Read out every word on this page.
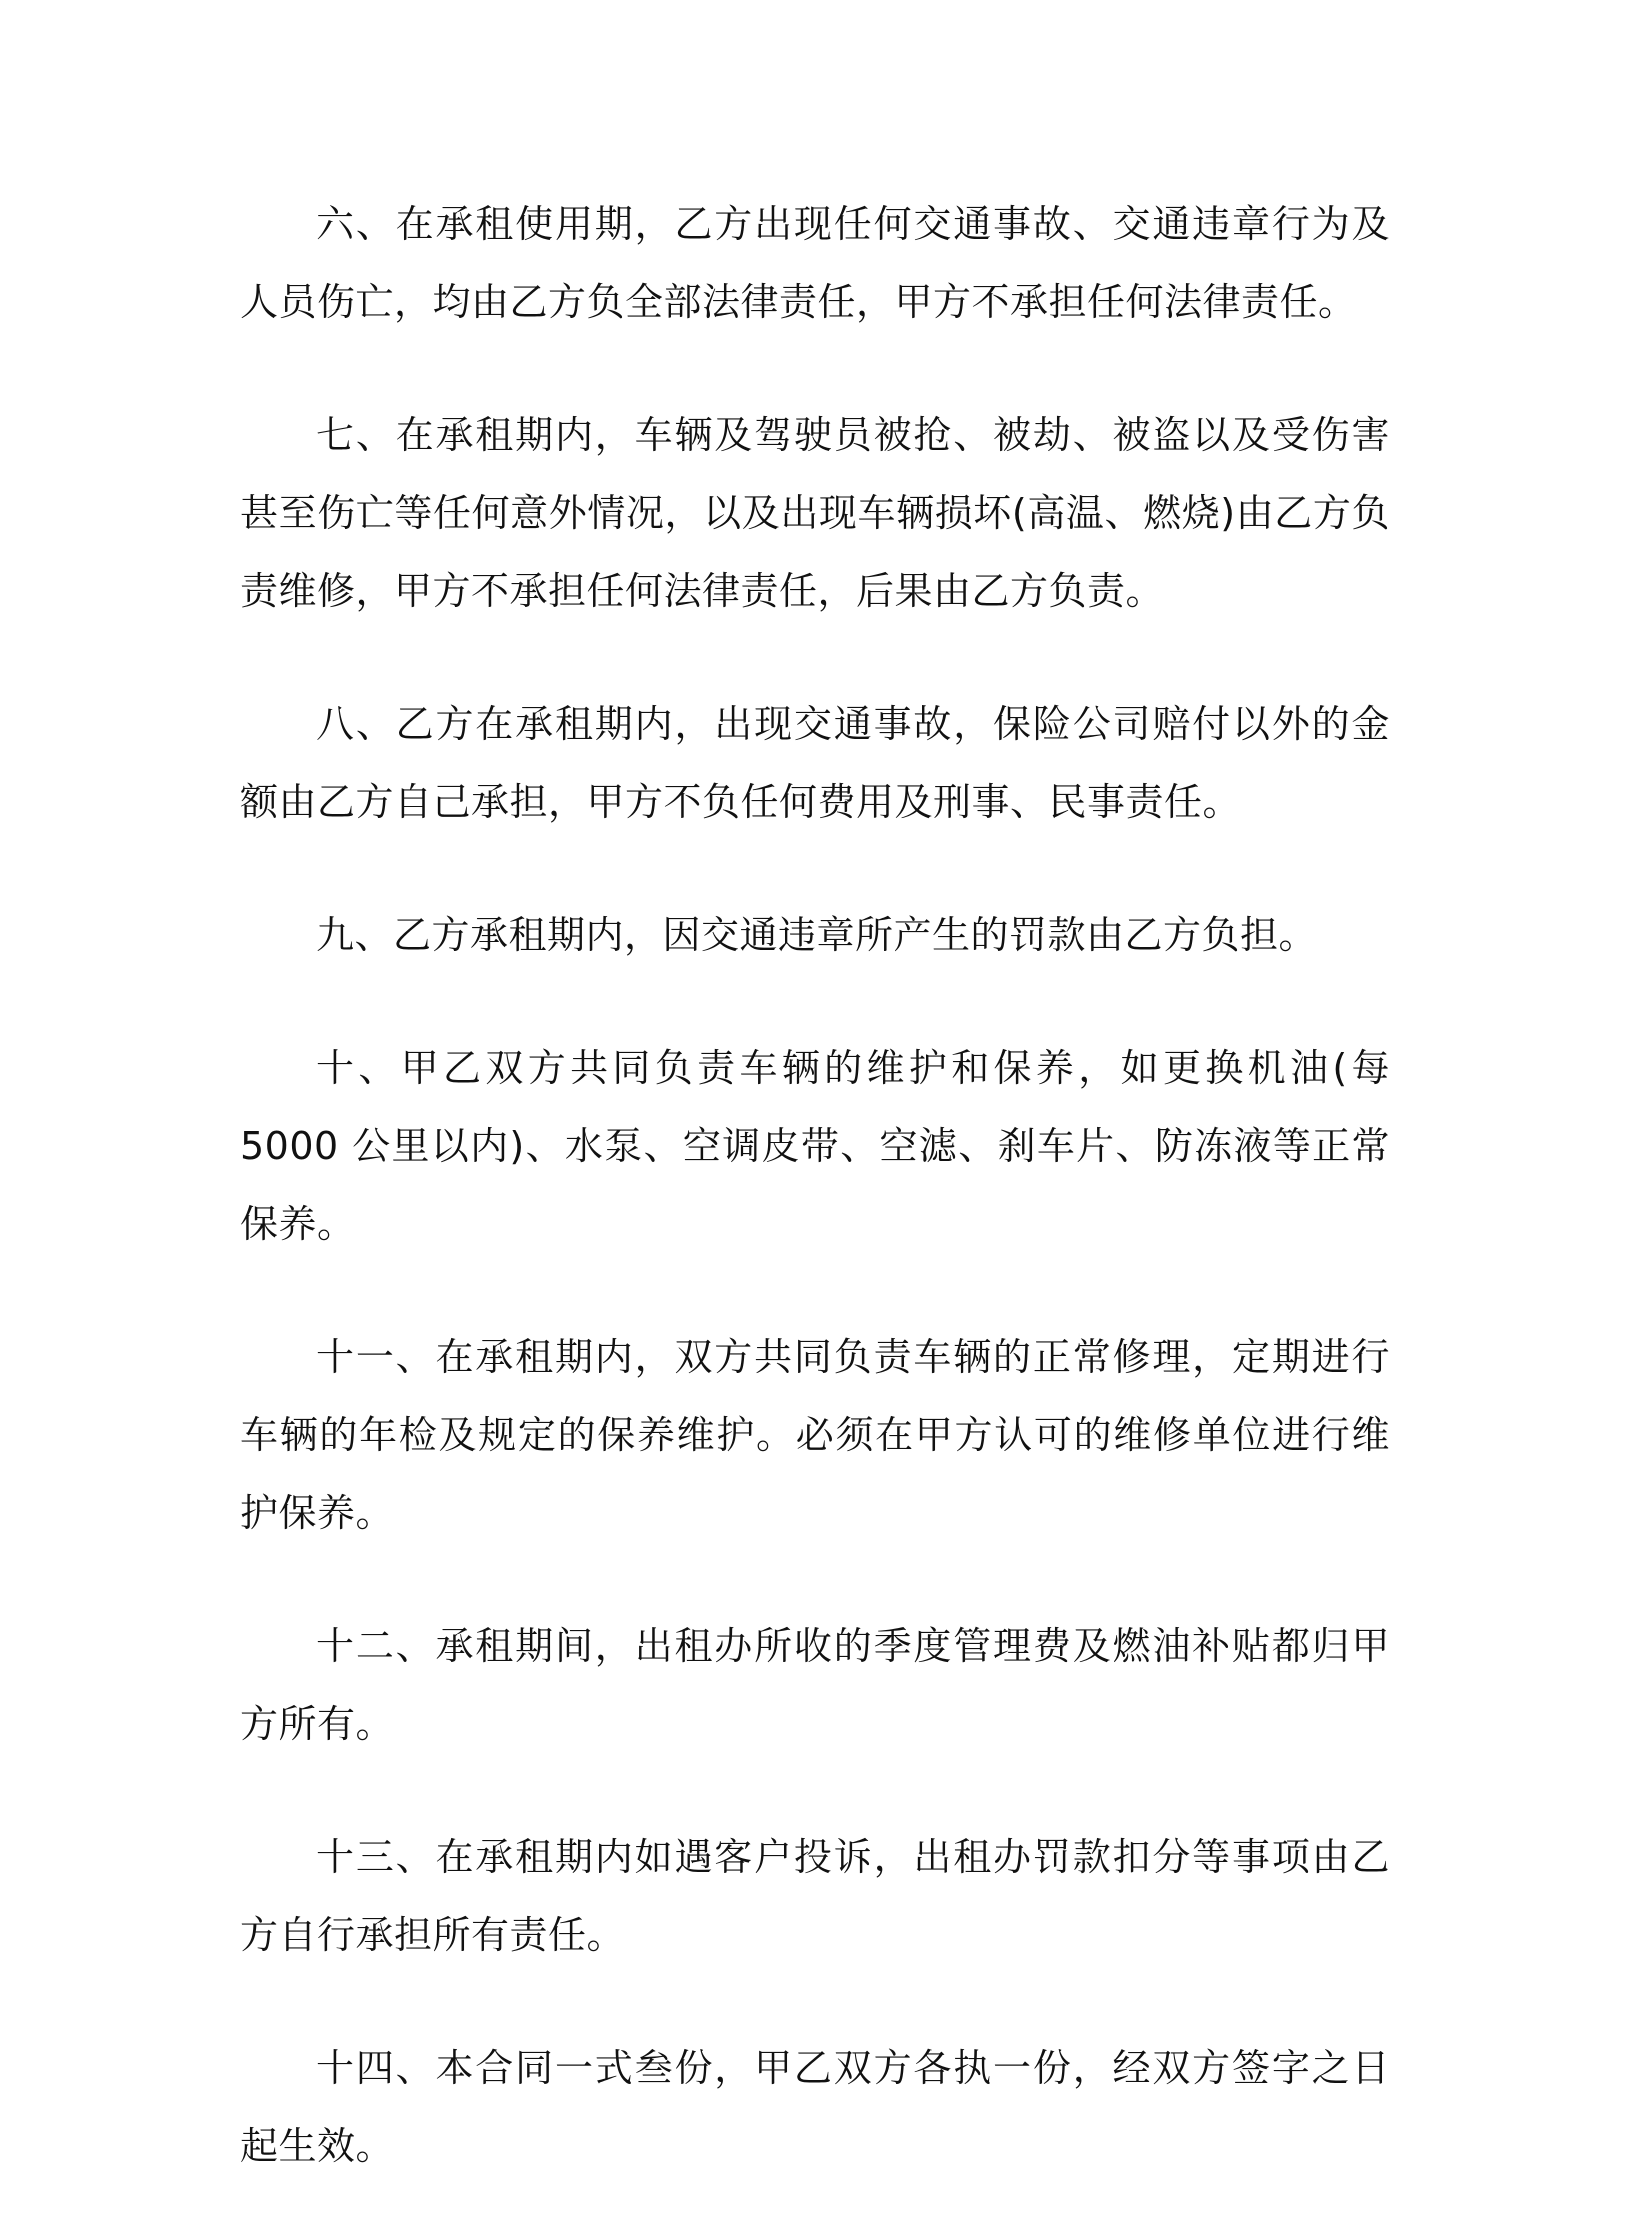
六、在承租使用期，乙方出现任何交通事故、交通违章行为及人员伤亡，均由乙方负全部法律责任，甲方不承担任何法律责任。

七、在承租期内，车辆及驾驶员被抢、被劫、被盗以及受伤害甚至伤亡等任何意外情况，以及出现车辆损坏(高温、燃烧)由乙方负责维修，甲方不承担任何法律责任，后果由乙方负责。

八、乙方在承租期内，出现交通事故，保险公司赔付以外的金额由乙方自己承担，甲方不负任何费用及刑事、民事责任。

九、乙方承租期内，因交通违章所产生的罚款由乙方负担。

十、甲乙双方共同负责车辆的维护和保养，如更换机油(每 5000 公里以内)、水泵、空调皮带、空滤、刹车片、防冻液等正常保养。

十一、在承租期内，双方共同负责车辆的正常修理，定期进行车辆的年检及规定的保养维护。必须在甲方认可的维修单位进行维护保养。

十二、承租期间，出租办所收的季度管理费及燃油补贴都归甲方所有。

十三、在承租期内如遇客户投诉，出租办罚款扣分等事项由乙方自行承担所有责任。

十四、本合同一式叁份，甲乙双方各执一份，经双方签字之日起生效。
